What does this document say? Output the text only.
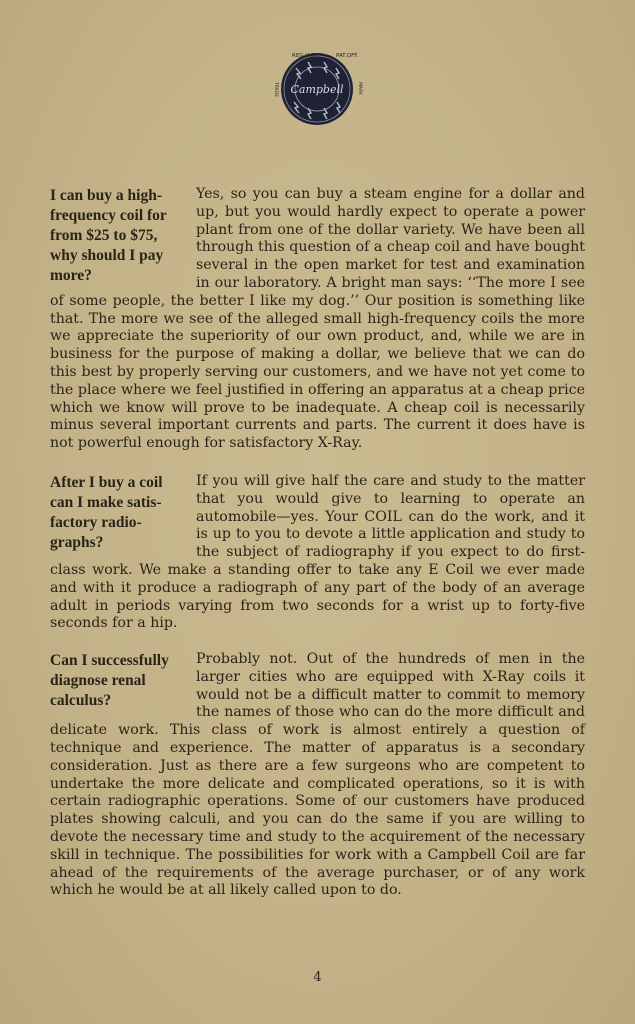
Campbell
REG.U.S.	PAT.OFF.
TRADE	MARK
I can buy a high-
frequency coil for
from $25 to $75,
why should I pay
more?

Yes, so you can buy a steam engine for a dollar and up, but you would hardly expect to operate a power plant from one of the dollar variety. We have been all through this question of a cheap coil and have bought several in the open market for test and examination in our laboratory. A bright man says: ‘‘The more I see of some people, the better I like my dog.’’ Our position is something like that. The more we see of the alleged small high-frequency coils the more we appreciate the superiority of our own product, and, while we are in business for the purpose of making a dollar, we believe that we can do this best by properly serving our customers, and we have not yet come to the place where we feel justified in offering an apparatus at a cheap price which we know will prove to be inadequate. A cheap coil is necessarily minus several important currents and parts. The current it does have is not powerful enough for satisfactory X-Ray.

After I buy a coil
can I make satis-
factory radio-
graphs?

If you will give half the care and study to the matter that you would give to learning to operate an automobile—yes. Your COIL can do the work, and it is up to you to devote a little application and study to the subject of radiography if you expect to do first-class work. We make a standing offer to take any E Coil we ever made and with it produce a radiograph of any part of the body of an average adult in periods varying from two seconds for a wrist up to forty-five seconds for a hip.

Can I successfully
diagnose renal
calculus?

Probably not. Out of the hundreds of men in the larger cities who are equipped with X-Ray coils it would not be a difficult matter to commit to memory the names of those who can do the more difficult and delicate work. This class of work is almost entirely a question of technique and experience. The matter of apparatus is a secondary consideration. Just as there are a few surgeons who are competent to undertake the more delicate and complicated operations, so it is with certain radiographic operations. Some of our customers have produced plates showing calculi, and you can do the same if you are willing to devote the necessary time and study to the acquirement of the necessary skill in technique. The possibilities for work with a Campbell Coil are far ahead of the requirements of the average purchaser, or of any work which he would be at all likely called upon to do.

4
